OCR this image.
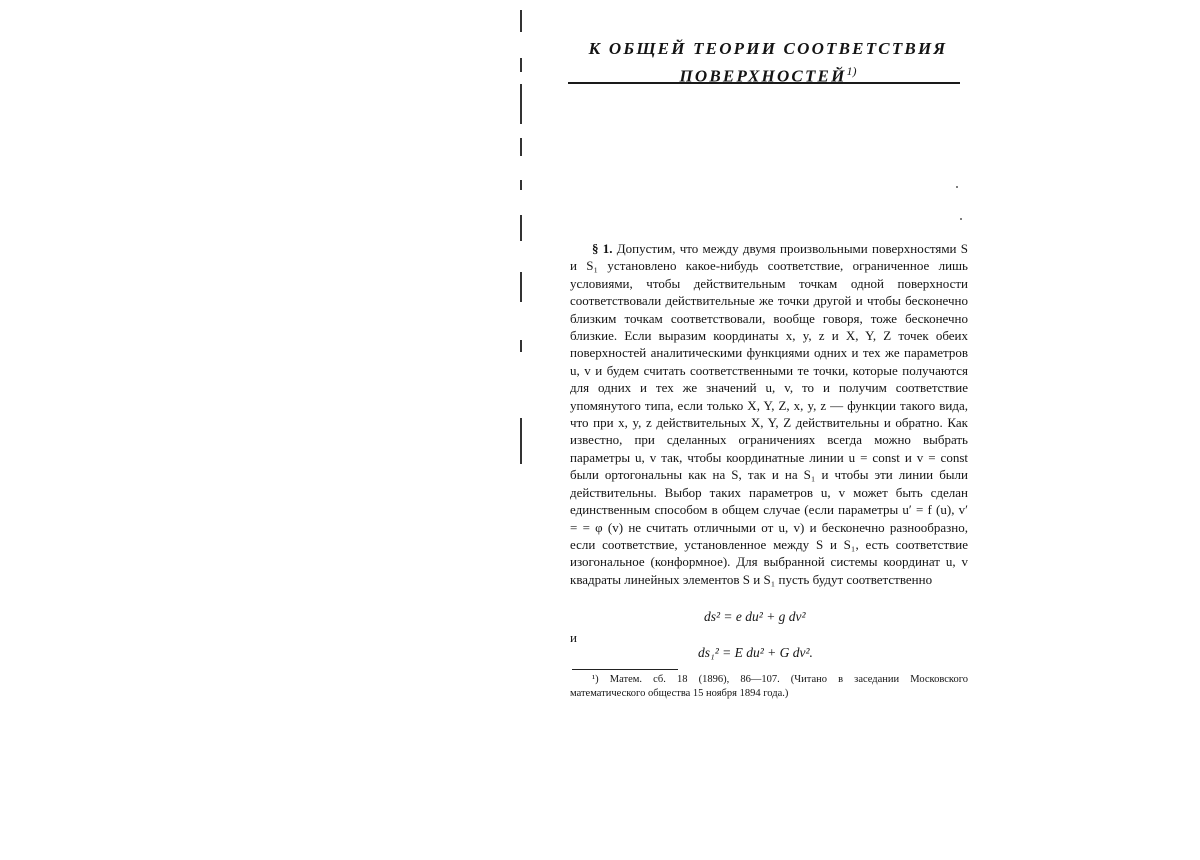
К ОБЩЕЙ ТЕОРИИ СООТВЕТСТВИЯ
ПОВЕРХНОСТЕЙ$^{1)}$

§ 1. Допустим, что между двумя произвольными поверхностями S и S₁ установлено какое-нибудь соответствие, ограниченное лишь условиями, чтобы действительным точкам одной поверхности соответствовали действительные же точки другой и чтобы бесконечно близким точкам соответствовали, вообще говоря, тоже бесконечно близкие. Если выразим координаты x, y, z и X, Y, Z точек обеих поверхностей аналитическими функциями одних и тех же параметров u, v и будем считать соответственными те точки, которые получаются для одних и тех же значений u, v, то и получим соответствие упомянутого типа, если только X, Y, Z, x, y, z — функции такого вида, что при x, y, z действительных X, Y, Z действительны и обратно. Как известно, при сделанных ограничениях всегда можно выбрать параметры u, v так, чтобы координатные линии u = const и v = const были ортогональны как на S, так и на S₁ и чтобы эти линии были действительны. Выбор таких параметров u, v может быть сделан единственным способом в общем случае (если параметры u′ = f (u), v′ = = φ (v) не считать отличными от u, v) и бесконечно разнообразно, если соответствие, установленное между S и S₁, есть соответствие изогональное (конформное). Для выбранной системы координат u, v квадраты линейных элементов S и S₁ пусть будут соответственно

ds² = e du² + g dv²
и
ds₁² = E du² + G dv².

¹) Матем. сб. 18 (1896), 86—107. (Читано в заседании Московского математического общества 15 ноября 1894 года.)
